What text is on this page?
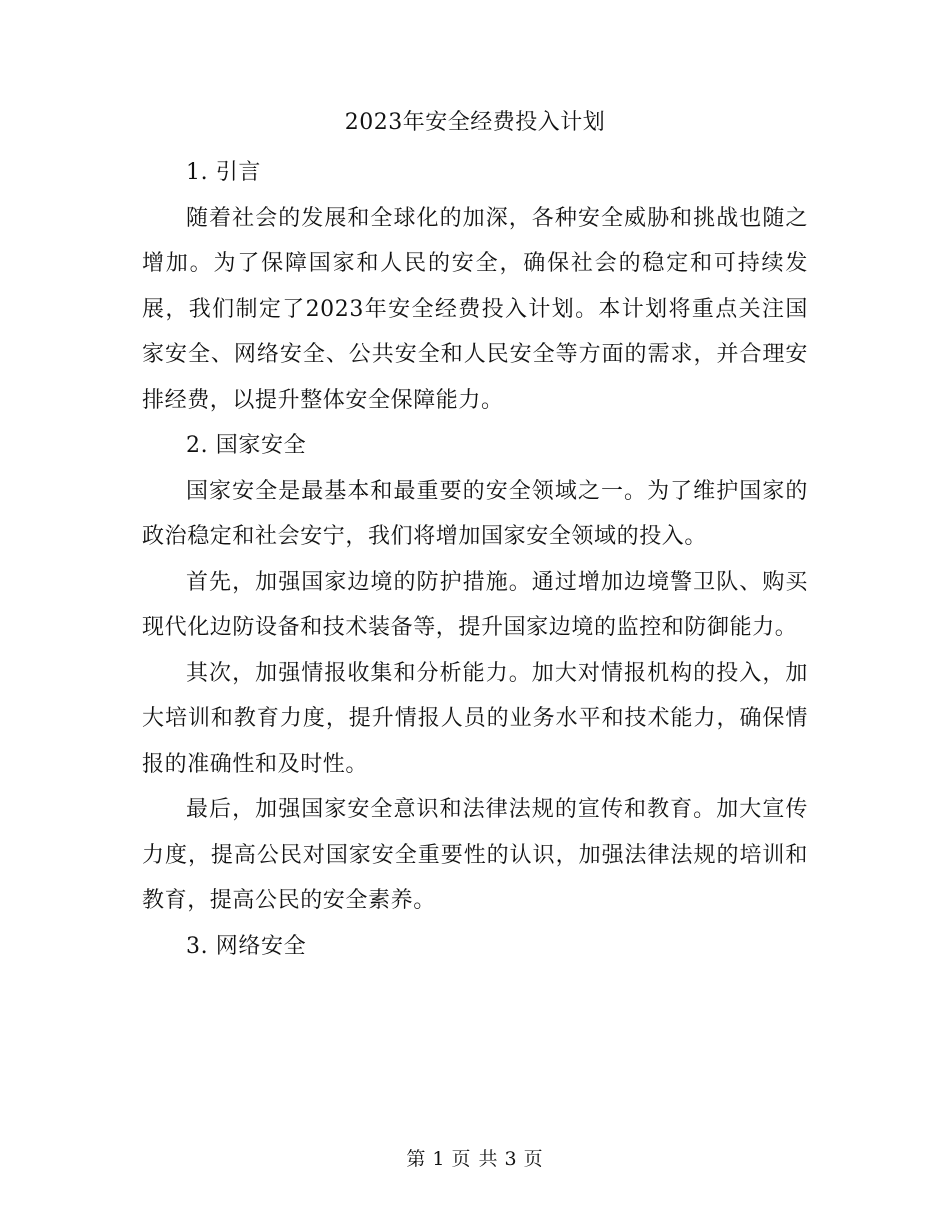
2023年安全经费投入计划

1. 引言

随着社会的发展和全球化的加深，各种安全威胁和挑战也随之增加。为了保障国家和人民的安全，确保社会的稳定和可持续发展，我们制定了2023年安全经费投入计划。本计划将重点关注国家安全、网络安全、公共安全和人民安全等方面的需求，并合理安排经费，以提升整体安全保障能力。

2. 国家安全

国家安全是最基本和最重要的安全领域之一。为了维护国家的政治稳定和社会安宁，我们将增加国家安全领域的投入。

首先，加强国家边境的防护措施。通过增加边境警卫队、购买现代化边防设备和技术装备等，提升国家边境的监控和防御能力。

其次，加强情报收集和分析能力。加大对情报机构的投入，加大培训和教育力度，提升情报人员的业务水平和技术能力，确保情报的准确性和及时性。

最后，加强国家安全意识和法律法规的宣传和教育。加大宣传力度，提高公民对国家安全重要性的认识，加强法律法规的培训和教育，提高公民的安全素养。

3. 网络安全

第 1 页 共 3 页
